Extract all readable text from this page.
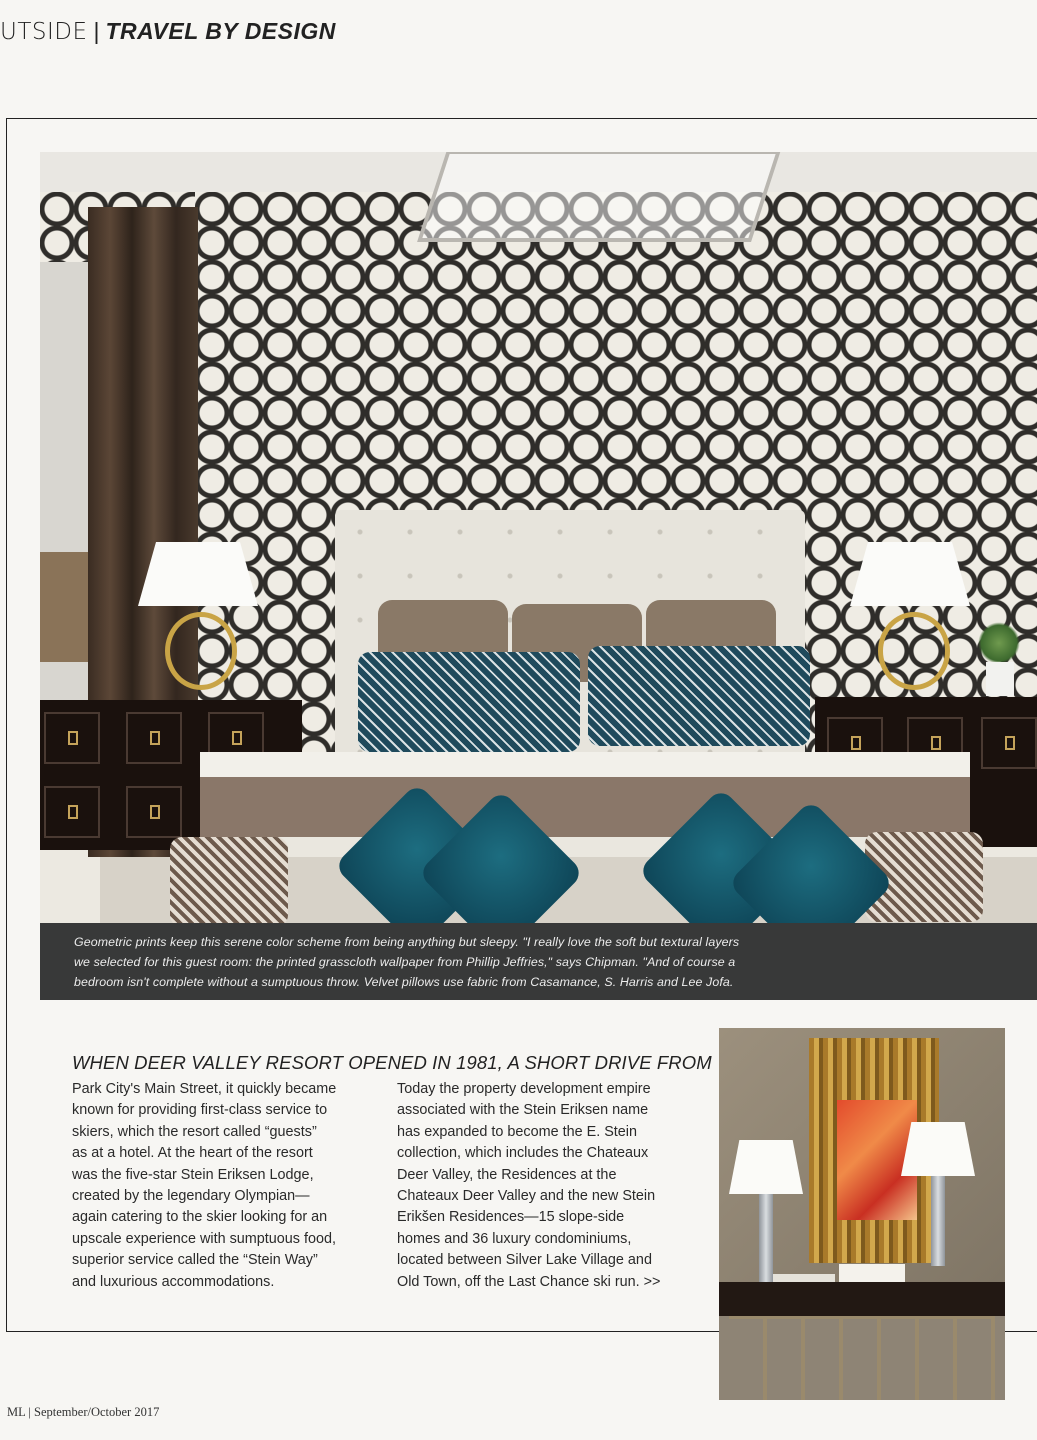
UTSIDE | TRAVEL BY DESIGN
Geometric prints keep this serene color scheme from being anything but sleepy. "I really love the soft but textural layers
we selected for this guest room: the printed grasscloth wallpaper from Phillip Jeffries," says Chipman. "And of course a
bedroom isn't complete without a sumptuous throw. Velvet pillows use fabric from Casamance, S. Harris and Lee Jofa.
WHEN DEER VALLEY RESORT OPENED IN 1981, A SHORT DRIVE FROM

Park City's Main Street, it quickly became

known for providing first-class service to

skiers, which the resort called “guests”

as at a hotel. At the heart of the resort

was the five-star Stein Eriksen Lodge,

created by the legendary Olympian—

again catering to the skier looking for an

upscale experience with sumptuous food,

superior service called the “Stein Way”

and luxurious accommodations.

Today the property development empire

associated with the Stein Eriksen name

has expanded to become the E. Stein

collection, which includes the Chateaux

Deer Valley, the Residences at the

Chateaux Deer Valley and the new Stein

Erikšen Residences—15 slope-side

homes and 36 luxury condominiums,

located between Silver Lake Village and

Old Town, off the Last Chance ski run. >>

ML | September/October 2017
